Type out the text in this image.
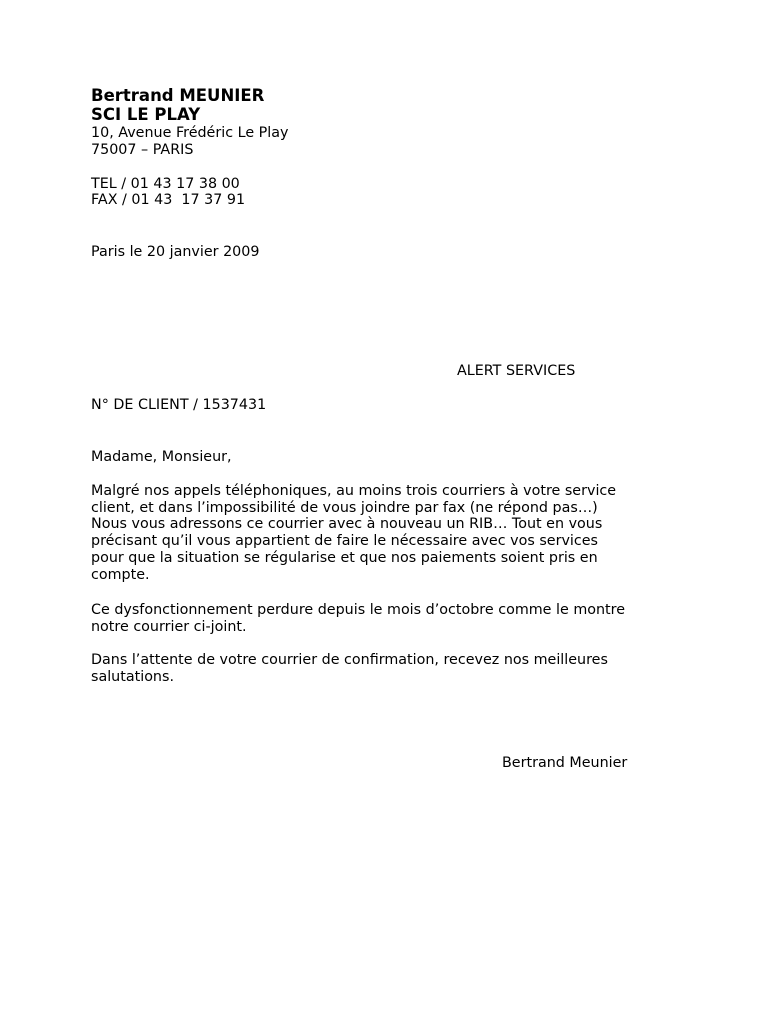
Bertrand MEUNIER
SCI LE PLAY
10, Avenue Frédéric Le Play
75007 – PARIS
TEL / 01 43 17 38 00
FAX / 01 43  17 37 91
Paris le 20 janvier 2009
ALERT SERVICES
N° DE CLIENT / 1537431
Madame, Monsieur,
Malgré nos appels téléphoniques, au moins trois courriers à votre service
client, et dans l’impossibilité de vous joindre par fax (ne répond pas…)
Nous vous adressons ce courrier avec à nouveau un RIB… Tout en vous
précisant qu’il vous appartient de faire le nécessaire avec vos services
pour que la situation se régularise et que nos paiements soient pris en
compte.
Ce dysfonctionnement perdure depuis le mois d’octobre comme le montre
notre courrier ci-joint.
Dans l’attente de votre courrier de confirmation, recevez nos meilleures
salutations.
Bertrand Meunier
